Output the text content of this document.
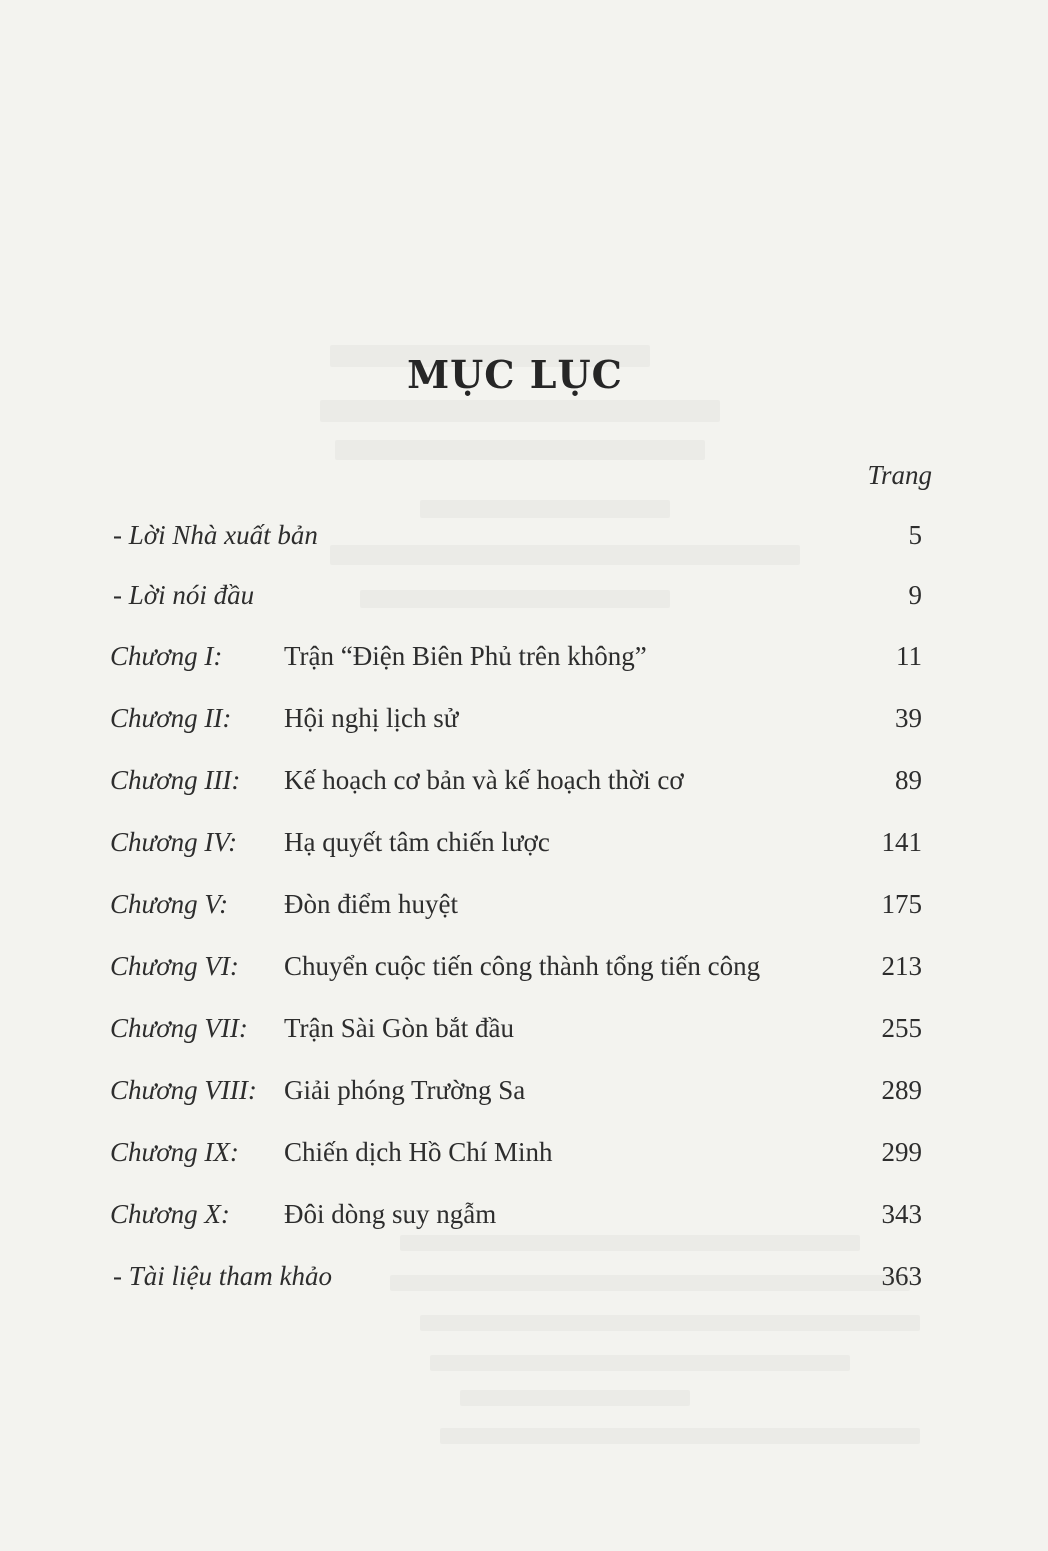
MỤC LỤC
Trang
- Lời Nhà xuất bản	5
- Lời nói đầu	9
Chương I: Trận “Điện Biên Phủ trên không”	11
Chương II: Hội nghị lịch sử	39
Chương III: Kế hoạch cơ bản và kế hoạch thời cơ	89
Chương IV: Hạ quyết tâm chiến lược	141
Chương V: Đòn điểm huyệt	175
Chương VI: Chuyển cuộc tiến công thành tổng tiến công	213
Chương VII: Trận Sài Gòn bắt đầu	255
Chương VIII: Giải phóng Trường Sa	289
Chương IX: Chiến dịch Hồ Chí Minh	299
Chương X: Đôi dòng suy ngẫm	343
- Tài liệu tham khảo	363
